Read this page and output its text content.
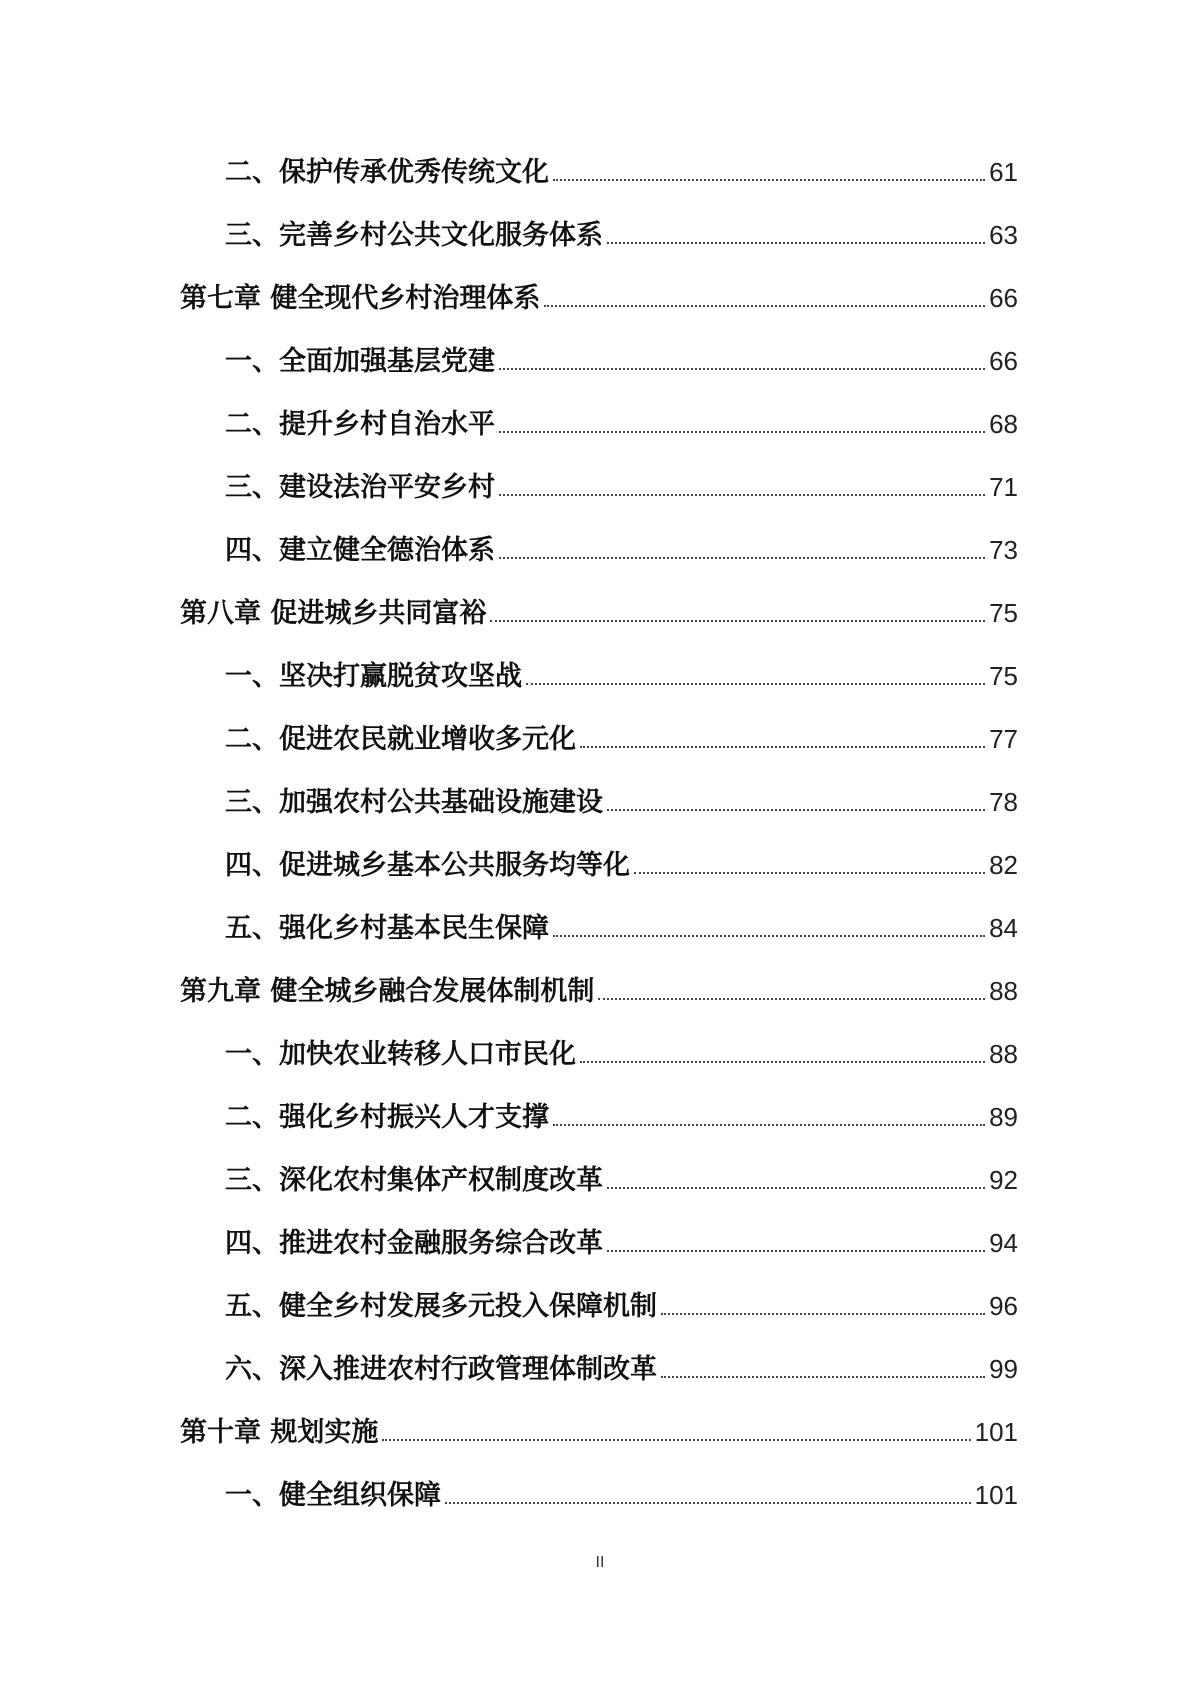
二、保护传承优秀传统文化	61
三、完善乡村公共文化服务体系	63
第七章 健全现代乡村治理体系	66
一、全面加强基层党建	66
二、提升乡村自治水平	68
三、建设法治平安乡村	71
四、建立健全德治体系	73
第八章 促进城乡共同富裕	75
一、坚决打赢脱贫攻坚战	75
二、促进农民就业增收多元化	77
三、加强农村公共基础设施建设	78
四、促进城乡基本公共服务均等化	82
五、强化乡村基本民生保障	84
第九章 健全城乡融合发展体制机制	88
一、加快农业转移人口市民化	88
二、强化乡村振兴人才支撑	89
三、深化农村集体产权制度改革	92
四、推进农村金融服务综合改革	94
五、健全乡村发展多元投入保障机制	96
六、深入推进农村行政管理体制改革	99
第十章 规划实施	101
一、健全组织保障	101
II
